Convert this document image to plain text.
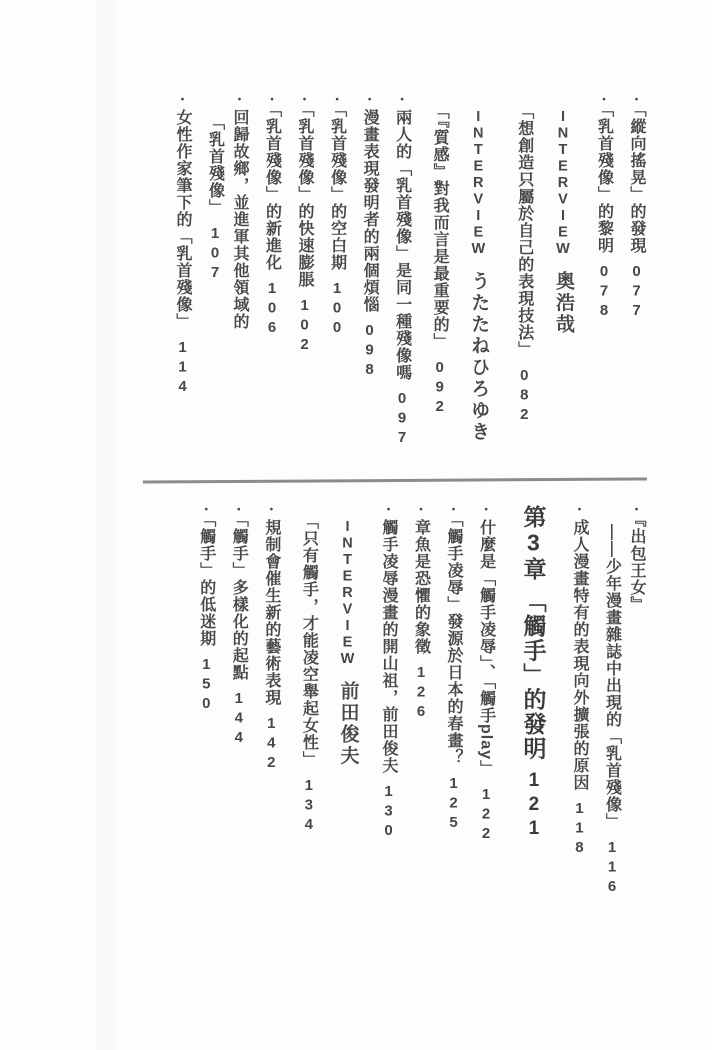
・「縱向搖晃」的發現077
・「乳首殘像」的黎明078
INTERVIEW奥浩哉
「想創造只屬於自己的表現技法」082
INTERVIEWうたたねひろゆき
「『質感』對我而言是最重要的」092
・兩人的「乳首殘像」是同一種殘像嗎097
・漫畫表現發明者的兩個煩惱098
・「乳首殘像」的空白期100
・「乳首殘像」的快速膨脹102
・「乳首殘像」的新進化106
・回歸故鄉，並進軍其他領域的
「乳首殘像」107
・女性作家筆下的「乳首殘像」114
・『出包王女』
——少年漫畫雜誌中出現的「乳首殘像」116
・成人漫畫特有的表現向外擴張的原因118
第3章 「觸手」的發明121
・什麼是「觸手凌辱」、「觸手play」122
・「觸手凌辱」發源於日本的春畫？125
・章魚是恐懼的象徵126
・觸手凌辱漫畫的開山祖，前田俊夫130
INTERVIEW前田俊夫
「只有觸手，才能凌空舉起女性」134
・規制會催生新的藝術表現142
・「觸手」多樣化的起點144
・「觸手」的低迷期150
